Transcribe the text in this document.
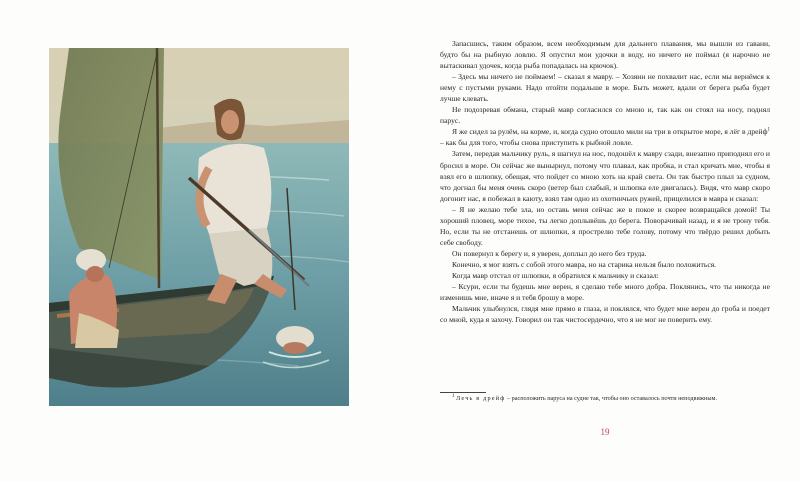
Запасшись, таким образом, всем необходимым для дальнего плавания, мы вышли из гавани, будто бы на рыбную ловлю. Я опустил мои удочки в воду, но ничего не поймал (я нарочно не вытаскивал удочек, когда рыба попадалась на крючок).

– Здесь мы ничего не поймаем! – сказал я мавру. – Хозяин не похвалит нас, если мы вернёмся к нему с пустыми руками. Надо отойти подальше в море. Быть может, вдали от берега рыба будет лучше клевать.

Не подозревая обмана, старый мавр согласился со мною и, так как он стоял на носу, поднял парус.

Я же сидел за рулём, на корме, и, когда судно отошло мили на три в открытое море, я лёг в дрейф$^1$ – как бы для того, чтобы снова приступить к рыбной ловле.

Затем, передав мальчику руль, я шагнул на нос, подошёл к мавру сзади, внезапно приподнял его и бросил в море. Он сейчас же вынырнул, потому что плавал, как пробка, и стал кричать мне, чтобы я взял его в шлюпку, обещая, что пойдет со мною хоть на край света. Он так быстро плыл за судном, что догнал бы меня очень скоро (ветер был слабый, и шлюпка еле двигалась). Видя, что мавр скоро догонит нас, я побежал в каюту, взял там одно из охотничьих ружей, прицелился в мавра и сказал:

– Я не желаю тебе зла, но оставь меня сейчас же в покое и скорее возвращайся домой! Ты хороший пловец, море тихое, ты легко доплывёшь до берега. Поворачивай назад, и я не трону тебя. Но, если ты не отстанешь от шлюпки, я прострелю тебе голову, потому что твёрдо решил добыть себе свободу.

Он повернул к берегу и, я уверен, доплыл до него без труда.

Конечно, я мог взять с собой этого мавра, но на старика нельзя было положиться.

Когда мавр отстал от шлюпки, я обратился к мальчику и сказал:

– Ксури, если ты будешь мне верен, я сделаю тебе много добра. Поклянись, что ты никогда не изменишь мне, иначе я и тебя брошу в море.

Мальчик улыбнулся, глядя мне прямо в глаза, и поклялся, что будет мне верен до гроба и поедет со мной, куда я захочу. Говорил он так чистосердечно, что я не мог не поверить ему.

$^1$ Лечь в дрейф – расположить паруса на судне так, чтобы оно оставалось почти неподвижным.
19
